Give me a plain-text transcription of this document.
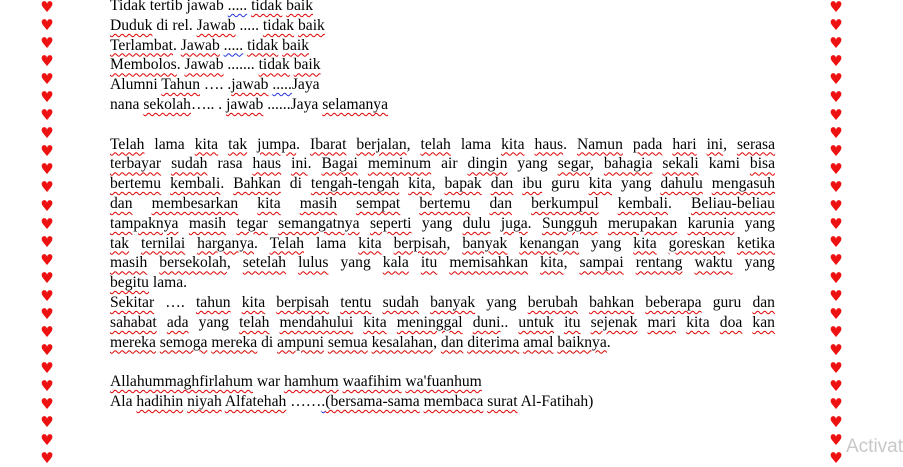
♥
♥
♥
♥
♥
♥
♥
♥
♥
♥
♥
♥
♥
♥
♥
♥
♥
♥
♥
♥
♥
♥
♥
♥
♥
♥
♥
♥
♥
♥
♥
♥
♥
♥
♥
♥
♥
♥
♥
♥
♥
♥
♥
♥
♥
♥
♥
♥
♥
♥
♥
♥
Tidak tertib jawab ..... tidak baik
Duduk di rel. Jawab ..... tidak baik
Terlambat. Jawab ..... tidak baik
Membolos. Jawab ....... tidak baik
Alumni Tahun …. .jawab .....Jaya
nana sekolah….. . jawab ......Jaya selamanya
Telah lama kita tak jumpa. Ibarat berjalan, telah lama kita haus. Namun pada hari ini, serasa
terbayar sudah rasa haus ini. Bagai meminum air dingin yang segar, bahagia sekali kami bisa
bertemu kembali. Bahkan di tengah-tengah kita, bapak dan ibu guru kita yang dahulu mengasuh
dan membesarkan kita masih sempat bertemu dan berkumpul kembali. Beliau-beliau
tampaknya masih tegar semangatnya seperti yang dulu juga. Sungguh merupakan karunia yang
tak ternilai harganya. Telah lama kita berpisah, banyak kenangan yang kita goreskan ketika
masih bersekolah, setelah lulus yang kala itu memisahkan kita, sampai rentang waktu yang
begitu lama.
Sekitar …. tahun kita berpisah tentu sudah banyak yang berubah bahkan beberapa guru dan
sahabat ada yang telah mendahului kita meninggal duni.. untuk itu sejenak mari kita doa kan
mereka semoga mereka di ampuni semua kesalahan, dan diterima amal baiknya.
Allahummaghfirlahum war hamhum waafihim wa'fuanhum
Ala hadihin niyah Alfatehah …….(bersama-sama membaca surat Al-Fatihah)
Activat
